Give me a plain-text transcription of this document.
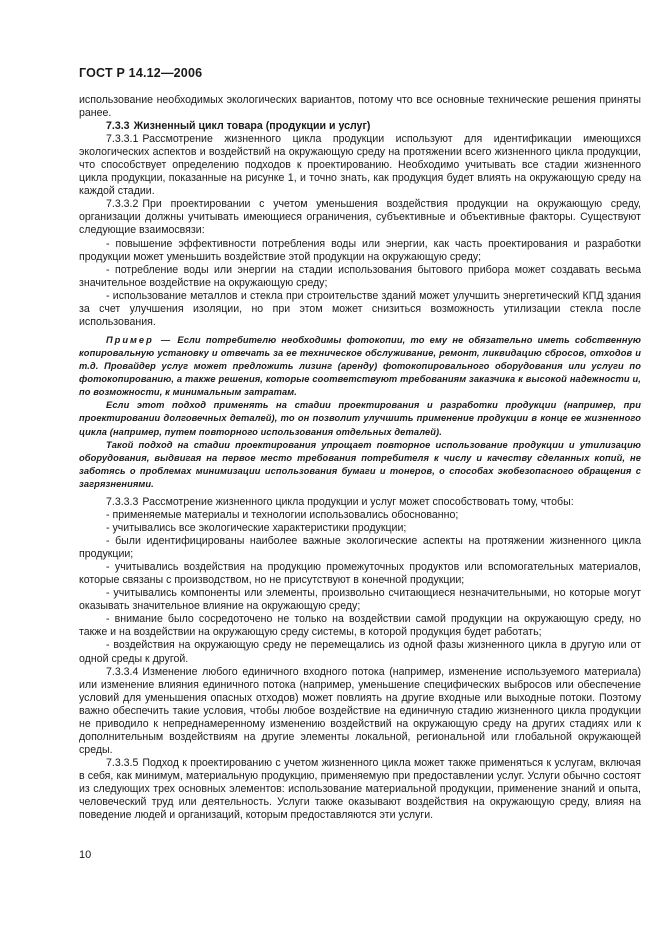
ГОСТ Р 14.12—2006

использование необходимых экологических вариантов, потому что все основные технические решения приняты ранее.

7.3.3 Жизненный цикл товара (продукции и услуг)

7.3.3.1 Рассмотрение жизненного цикла продукции используют для идентификации имеющихся экологических аспектов и воздействий на окружающую среду на протяжении всего жизненного цикла продукции, что способствует определению подходов к проектированию. Необходимо учитывать все стадии жизненного цикла продукции, показанные на рисунке 1, и точно знать, как продукция будет влиять на окружающую среду на каждой стадии.

7.3.3.2 При проектировании с учетом уменьшения воздействия продукции на окружающую среду, организации должны учитывать имеющиеся ограничения, субъективные и объективные факторы. Существуют следующие взаимосвязи:

- повышение эффективности потребления воды или энергии, как часть проектирования и разработки продукции может уменьшить воздействие этой продукции на окружающую среду;

- потребление воды или энергии на стадии использования бытового прибора может создавать весьма значительное воздействие на окружающую среду;

- использование металлов и стекла при строительстве зданий может улучшить энергетический КПД здания за счет улучшения изоляции, но при этом может снизиться возможность утилизации стекла после использования.

Пример — Если потребителю необходимы фотокопии, то ему не обязательно иметь собственную копировальную установку и отвечать за ее техническое обслуживание, ремонт, ликвидацию сбросов, отходов и т.д. Провайдер услуг может предложить лизинг (аренду) фотокопировального оборудования или услуги по фотокопированию, а также решения, которые соответствуют требованиям заказчика к высокой надежности и, по возможности, к минимальным затратам.

Если этот подход применять на стадии проектирования и разработки продукции (например, при проектировании долговечных деталей), то он позволит улучшить применение продукции в конце ее жизненного цикла (например, путем повторного использования отдельных деталей).

Такой подход на стадии проектирования упрощает повторное использование продукции и утилизацию оборудования, выдвигая на первое место требования потребителя к числу и качеству сделанных копий, не заботясь о проблемах минимизации использования бумаги и тонеров, о способах экобезопасного обращения с загрязнениями.

7.3.3.3 Рассмотрение жизненного цикла продукции и услуг может способствовать тому, чтобы:

- применяемые материалы и технологии использовались обоснованно;

- учитывались все экологические характеристики продукции;

- были идентифицированы наиболее важные экологические аспекты на протяжении жизненного цикла продукции;

- учитывались воздействия на продукцию промежуточных продуктов или вспомогательных материалов, которые связаны с производством, но не присутствуют в конечной продукции;

- учитывались компоненты или элементы, произвольно считающиеся незначительными, но которые могут оказывать значительное влияние на окружающую среду;

- внимание было сосредоточено не только на воздействии самой продукции на окружающую среду, но также и на воздействии на окружающую среду системы, в которой продукция будет работать;

- воздействия на окружающую среду не перемещались из одной фазы жизненного цикла в другую или от одной среды к другой.

7.3.3.4 Изменение любого единичного входного потока (например, изменение используемого материала) или изменение влияния единичного потока (например, уменьшение специфических выбросов или обеспечение условий для уменьшения опасных отходов) может повлиять на другие входные или выходные потоки. Поэтому важно обеспечить такие условия, чтобы любое воздействие на единичную стадию жизненного цикла продукции не приводило к непреднамеренному изменению воздействий на окружающую среду на других стадиях или к дополнительным воздействиям на другие элементы локальной, региональной или глобальной окружающей среды.

7.3.3.5 Подход к проектированию с учетом жизненного цикла может также применяться к услугам, включая в себя, как минимум, материальную продукцию, применяемую при предоставлении услуг. Услуги обычно состоят из следующих трех основных элементов: использование материальной продукции, применение знаний и опыта, человеческий труд или деятельность. Услуги также оказывают воздействия на окружающую среду, влияя на поведение людей и организаций, которым предоставляются эти услуги.

10
